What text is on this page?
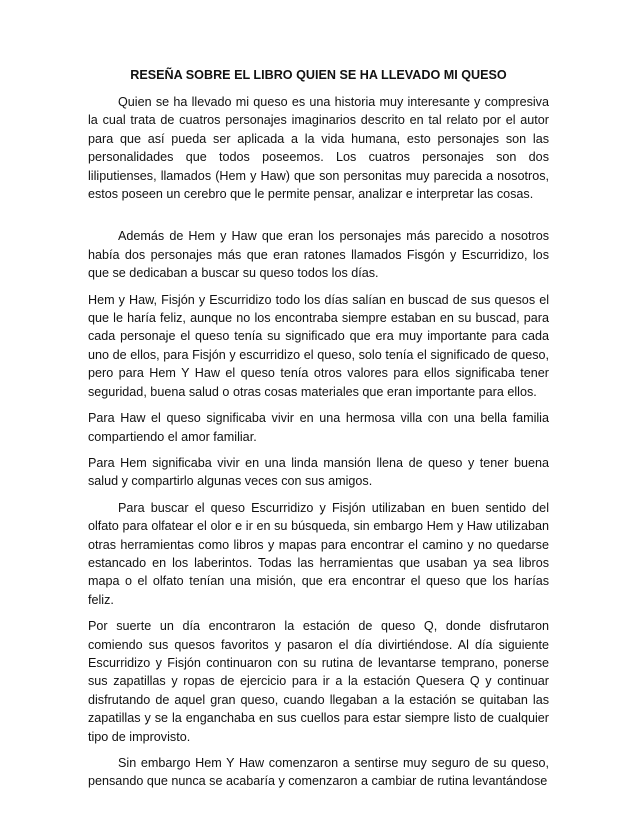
RESEÑA SOBRE EL LIBRO QUIEN SE HA LLEVADO MI QUESO

Quien se ha llevado mi queso es una historia muy interesante y compresiva la cual trata de cuatros personajes imaginarios descrito en tal relato por el autor para que así pueda ser aplicada a la vida humana, esto personajes son las personalidades que todos poseemos. Los cuatros personajes son dos liliputienses, llamados (Hem y Haw) que son personitas muy parecida a nosotros, estos poseen un cerebro que le permite pensar, analizar e interpretar las cosas.

Además de Hem y Haw que eran los personajes más parecido a nosotros había dos personajes más que eran ratones llamados Fisgón y Escurridizo, los que se dedicaban a buscar su queso todos los días.

Hem y Haw, Fisjón y Escurridizo todo los días salían en buscad de sus quesos el que le haría feliz, aunque no los encontraba siempre estaban en su buscad, para cada personaje el queso tenía su significado que era muy importante para cada uno de ellos, para Fisjón y escurridizo el queso, solo tenía el significado de queso, pero para Hem Y Haw el queso tenía otros valores para ellos significaba tener seguridad, buena salud o otras cosas materiales que eran importante para ellos.

Para Haw el queso significaba vivir en una hermosa villa con una bella familia compartiendo el amor familiar.

Para Hem significaba vivir en una linda mansión llena de queso y tener buena salud y compartirlo algunas veces con sus amigos.

Para buscar el queso Escurridizo y Fisjón utilizaban en buen sentido del olfato para olfatear el olor e ir en su búsqueda, sin embargo Hem y Haw utilizaban otras herramientas como libros y mapas para encontrar el camino y no quedarse estancado en los laberintos. Todas las herramientas que usaban ya sea libros mapa o el olfato tenían una misión, que era encontrar el queso que los harías feliz.

Por suerte un día encontraron la estación de queso Q, donde disfrutaron comiendo sus quesos favoritos y pasaron el día divirtiéndose. Al día siguiente Escurridizo y Fisjón continuaron con su rutina de levantarse temprano, ponerse sus zapatillas y ropas de ejercicio para ir a la estación Quesera Q y continuar disfrutando de aquel gran queso, cuando llegaban a la estación se quitaban las zapatillas y se la enganchaba en sus cuellos para estar siempre listo de cualquier tipo de improvisto.

Sin embargo Hem Y Haw comenzaron a sentirse muy seguro de su queso, pensando que nunca se acabaría y comenzaron a cambiar de rutina levantándose
